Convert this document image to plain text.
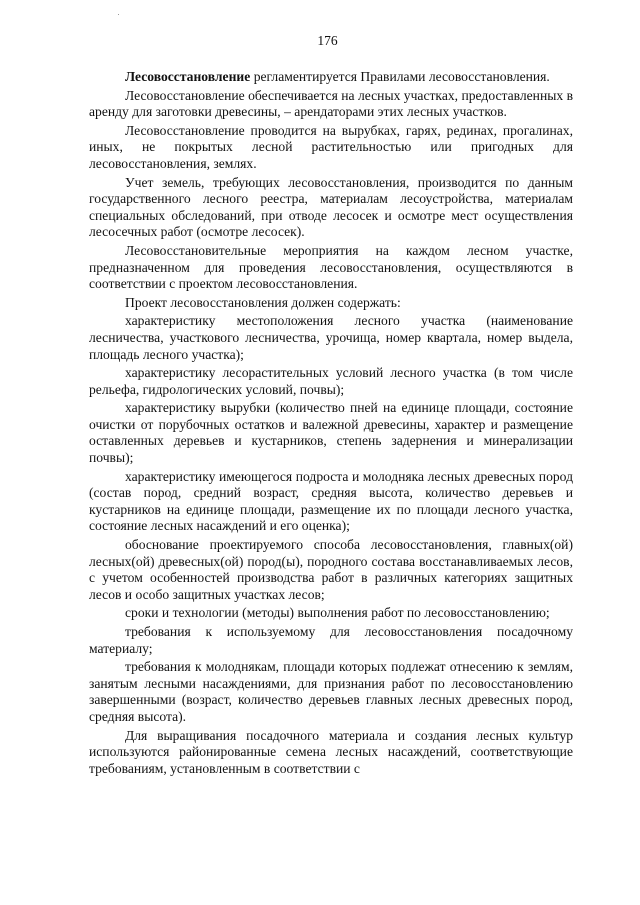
176

Лесовосстановление регламентируется Правилами лесовосстановления.

Лесовосстановление обеспечивается на лесных участках, предоставленных в аренду для заготовки древесины, – арендаторами этих лесных участков.

Лесовосстановление проводится на вырубках, гарях, рединах, прогалинах, иных, не покрытых лесной растительностью или пригодных для лесовосстановления, землях.

Учет земель, требующих лесовосстановления, производится по данным государственного лесного реестра, материалам лесоустройства, материалам специальных обследований, при отводе лесосек и осмотре мест осуществления лесосечных работ (осмотре лесосек).

Лесовосстановительные мероприятия на каждом лесном участке, предназначенном для проведения лесовосстановления, осуществляются в соответствии с проектом лесовосстановления.

Проект лесовосстановления должен содержать:

характеристику местоположения лесного участка (наименование лесничества, участкового лесничества, урочища, номер квартала, номер выдела, площадь лесного участка);

характеристику лесорастительных условий лесного участка (в том числе рельефа, гидрологических условий, почвы);

характеристику вырубки (количество пней на единице площади, состояние очистки от порубочных остатков и валежной древесины, характер и размещение оставленных деревьев и кустарников, степень задернения и минерализации почвы);

характеристику имеющегося подроста и молодняка лесных древесных пород (состав пород, средний возраст, средняя высота, количество деревьев и кустарников на единице площади, размещение их по площади лесного участка, состояние лесных насаждений и его оценка);

обоснование проектируемого способа лесовосстановления, главных(ой) лесных(ой) древесных(ой) пород(ы), породного состава восстанавливаемых лесов, с учетом особенностей производства работ в различных категориях защитных лесов и особо защитных участках лесов;

сроки и технологии (методы) выполнения работ по лесовосстановлению;

требования к используемому для лесовосстановления посадочному материалу;

требования к молоднякам, площади которых подлежат отнесению к землям, занятым лесными насаждениями, для признания работ по лесовосстановлению завершенными (возраст, количество деревьев главных лесных древесных пород, средняя высота).

Для выращивания посадочного материала и создания лесных культур используются районированные семена лесных насаждений, соответствующие требованиям, установленным в соответствии с
